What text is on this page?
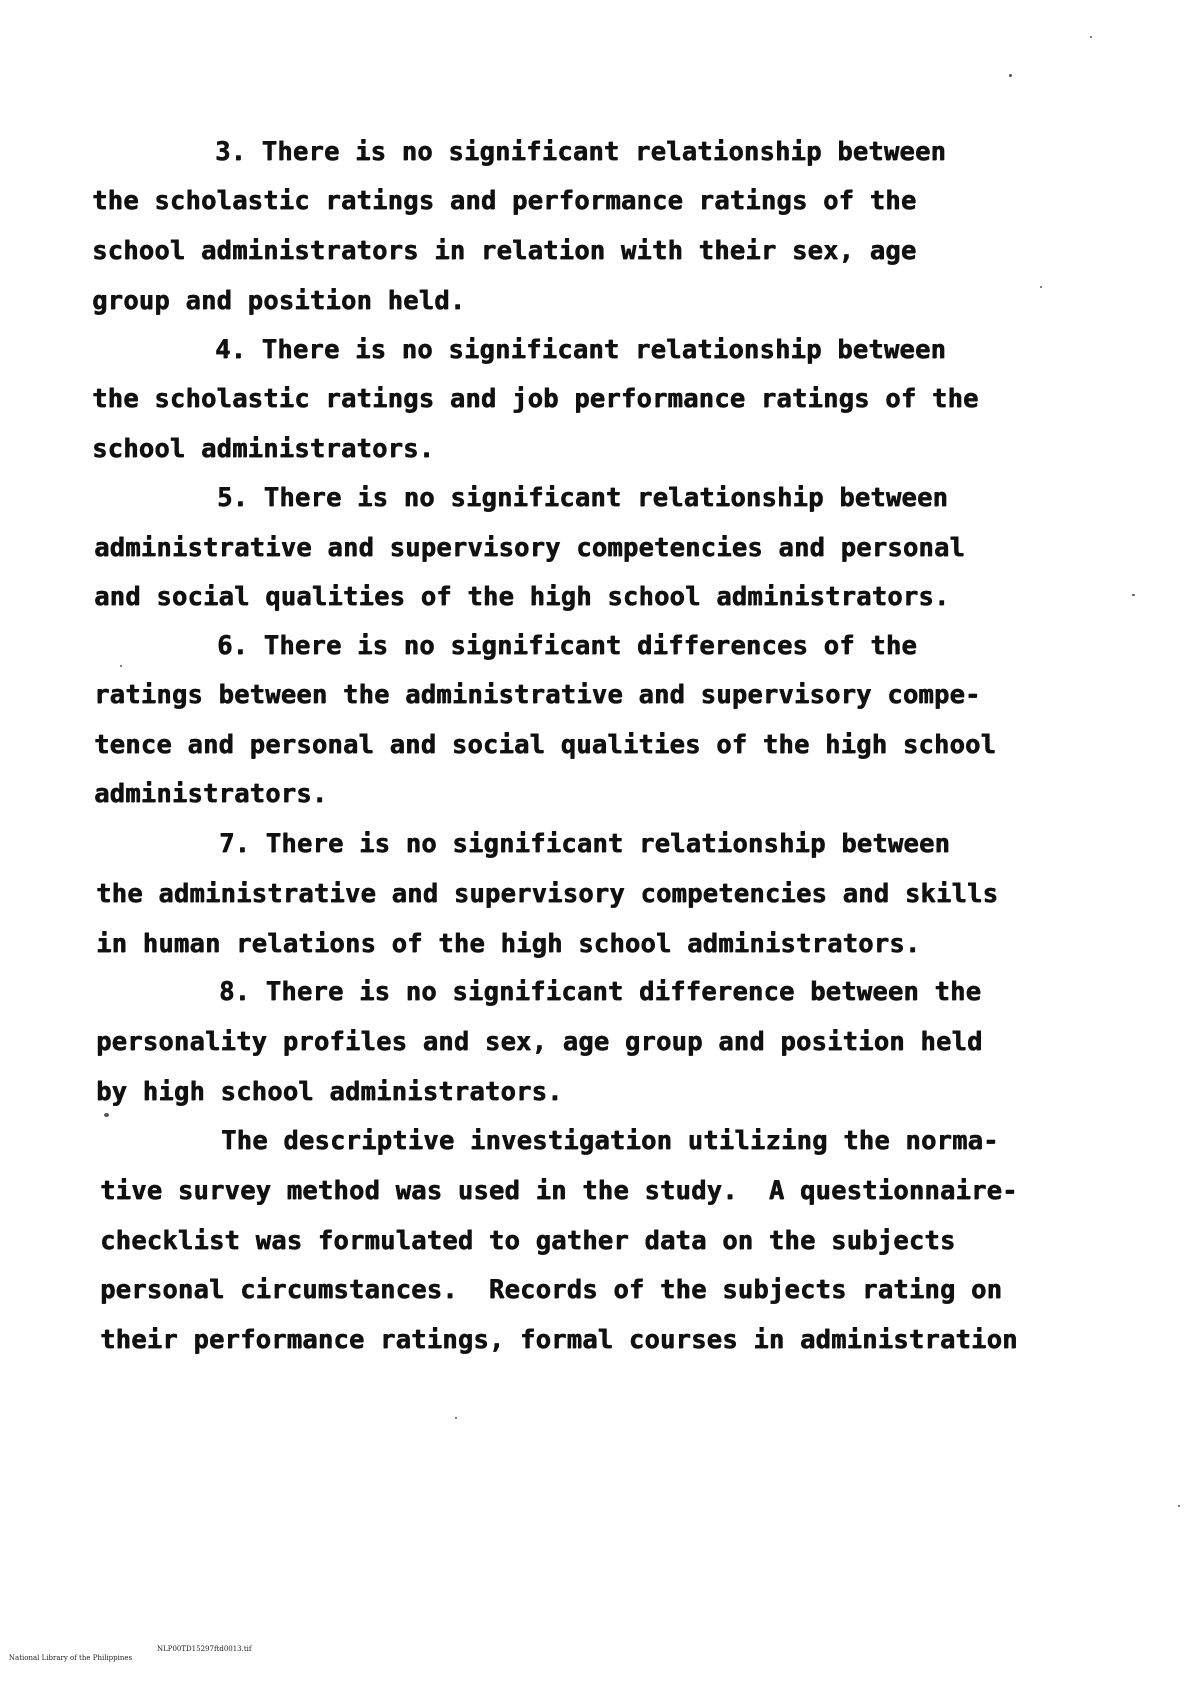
3. There is no significant relationship between
the scholastic ratings and performance ratings of the
school administrators in relation with their sex, age
group and position held.
4. There is no significant relationship between
the scholastic ratings and job performance ratings of the
school administrators.
5. There is no significant relationship between
administrative and supervisory competencies and personal
and social qualities of the high school administrators.
6. There is no significant differences of the
ratings between the administrative and supervisory compe-
tence and personal and social qualities of the high school
administrators.
7. There is no significant relationship between
the administrative and supervisory competencies and skills
in human relations of the high school administrators.
8. There is no significant difference between the
personality profiles and sex, age group and position held
by high school administrators.
The descriptive investigation utilizing the norma-
tive survey method was used in the study.  A questionnaire-
checklist was formulated to gather data on the subjects
personal circumstances.  Records of the subjects rating on
their performance ratings, formal courses in administration

National Library of the Philippines

NLP00TD15297ftd0013.tif
